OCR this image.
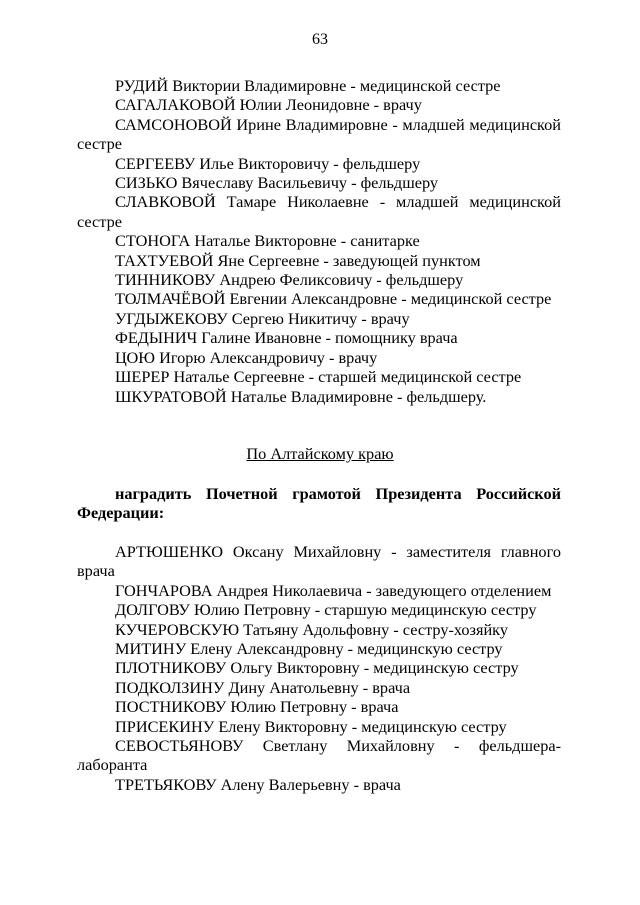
63
РУДИЙ Виктории Владимировне - медицинской сестре
САГАЛАКОВОЙ Юлии Леонидовне - врачу
САМСОНОВОЙ Ирине Владимировне - младшей медицинской
сестре
СЕРГЕЕВУ Илье Викторовичу - фельдшеру
СИЗЬКО Вячеславу Васильевичу - фельдшеру
СЛАВКОВОЙ Тамаре Николаевне - младшей медицинской
сестре
СТОНОГА Наталье Викторовне - санитарке
ТАХТУЕВОЙ Яне Сергеевне - заведующей пунктом
ТИННИКОВУ Андрею Феликсовичу - фельдшеру
ТОЛМАЧЁВОЙ Евгении Александровне - медицинской сестре
УГДЫЖЕКОВУ Сергею Никитичу - врачу
ФЕДЫНИЧ Галине Ивановне - помощнику врача
ЦОЮ Игорю Александровичу - врачу
ШЕРЕР Наталье Сергеевне - старшей медицинской сестре
ШКУРАТОВОЙ Наталье Владимировне - фельдшеру.
По Алтайскому краю
наградить Почетной грамотой Президента Российской
Федерации:
АРТЮШЕНКО Оксану Михайловну - заместителя главного
врача
ГОНЧАРОВА Андрея Николаевича - заведующего отделением
ДОЛГОВУ Юлию Петровну - старшую медицинскую сестру
КУЧЕРОВСКУЮ Татьяну Адольфовну - сестру-хозяйку
МИТИНУ Елену Александровну - медицинскую сестру
ПЛОТНИКОВУ Ольгу Викторовну - медицинскую сестру
ПОДКОЛЗИНУ Дину Анатольевну - врача
ПОСТНИКОВУ Юлию Петровну - врача
ПРИСЕКИНУ Елену Викторовну - медицинскую сестру
СЕВОСТЬЯНОВУ Светлану Михайловну - фельдшера-
лаборанта
ТРЕТЬЯКОВУ Алену Валерьевну - врача
